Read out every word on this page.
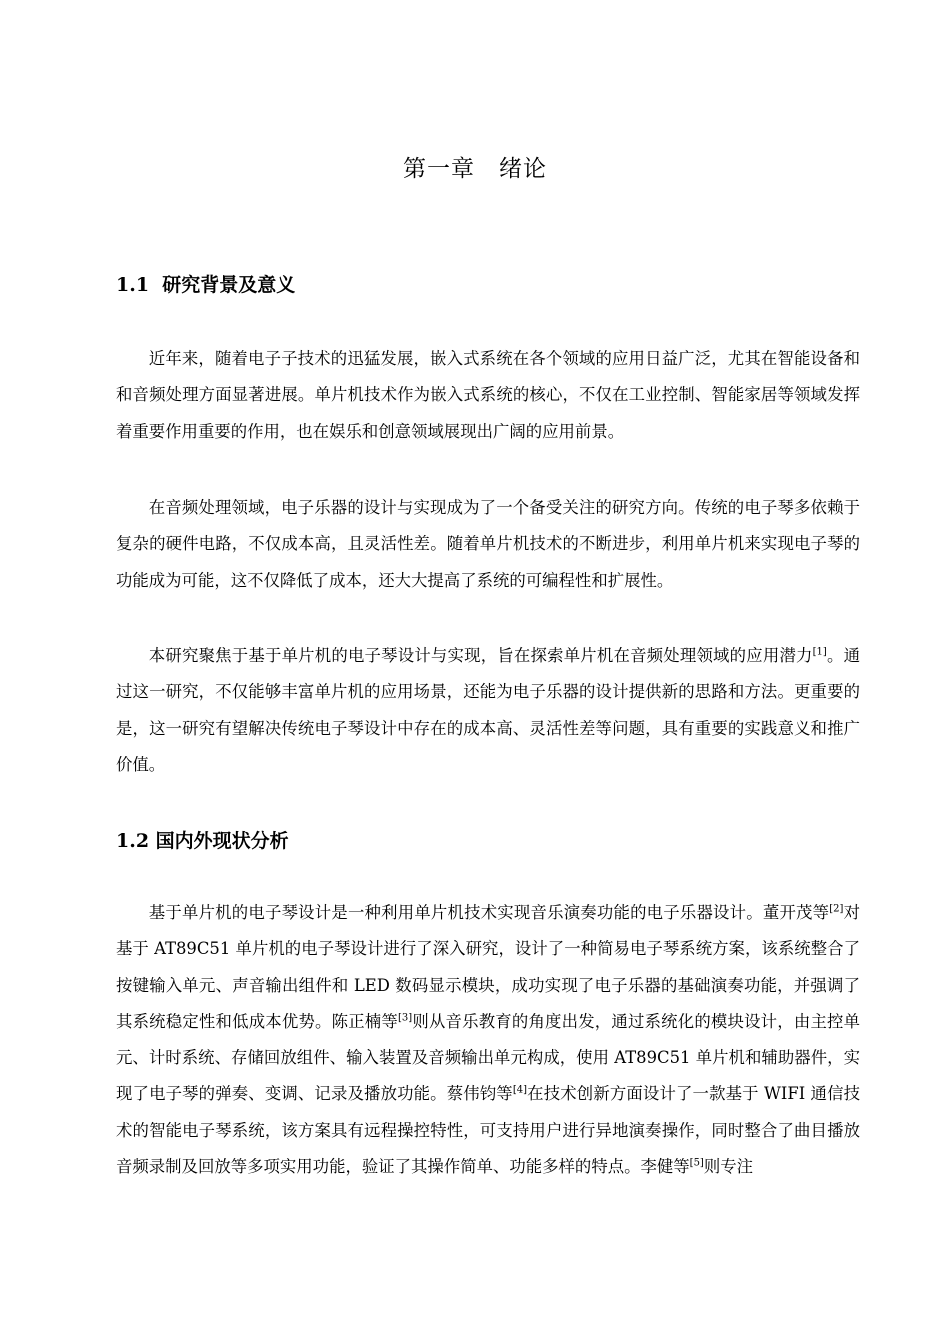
第一章　绪论
1.1  研究背景及意义

近年来，随着电子子技术的迅猛发展，嵌入式系统在各个领域的应用日益广泛，尤其在智能设备和和音频处理方面显著进展。单片机技术作为嵌入式系统的核心，不仅在工业控制、智能家居等领域发挥着重要作用重要的作用，也在娱乐和创意领域展现出广阔的应用前景。

在音频处理领域，电子乐器的设计与实现成为了一个备受关注的研究方向。传统的电子琴多依赖于复杂的硬件电路，不仅成本高，且灵活性差。随着单片机技术的不断进步，利用单片机来实现电子琴的功能成为可能，这不仅降低了成本，还大大提高了系统的可编程性和扩展性。

本研究聚焦于基于单片机的电子琴设计与实现，旨在探索单片机在音频处理领域的应用潜力[1]。通过这一研究，不仅能够丰富单片机的应用场景，还能为电子乐器的设计提供新的思路和方法。更重要的是，这一研究有望解决传统电子琴设计中存在的成本高、灵活性差等问题，具有重要的实践意义和推广价值。

1.2 国内外现状分析

基于单片机的电子琴设计是一种利用单片机技术实现音乐演奏功能的电子乐器设计。董开茂等[2]对基于 AT89C51 单片机的电子琴设计进行了深入研究，设计了一种简易电子琴系统方案，该系统整合了按键输入单元、声音输出组件和 LED 数码显示模块，成功实现了电子乐器的基础演奏功能，并强调了其系统稳定性和低成本优势。陈正楠等[3]则从音乐教育的角度出发，通过系统化的模块设计，由主控单元、计时系统、存储回放组件、输入装置及音频输出单元构成，使用 AT89C51 单片机和辅助器件，实现了电子琴的弹奏、变调、记录及播放功能。蔡伟钧等[4]在技术创新方面设计了一款基于 WIFI 通信技术的智能电子琴系统，该方案具有远程操控特性，可支持用户进行异地演奏操作，同时整合了曲目播放音频录制及回放等多项实用功能，验证了其操作简单、功能多样的特点。李健等[5]则专注
